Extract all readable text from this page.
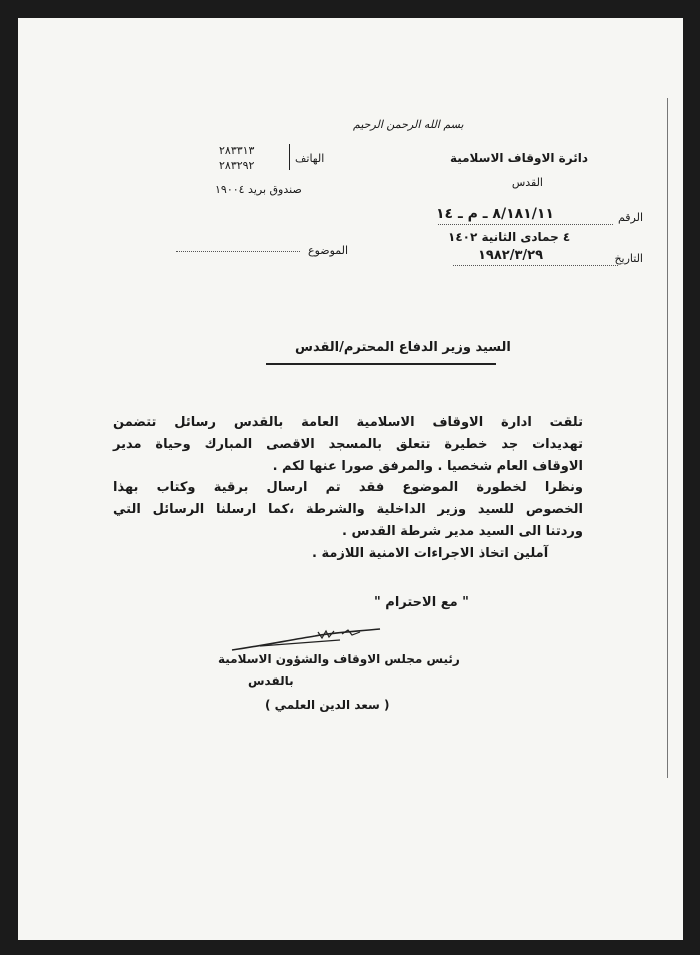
بسم الله الرحمن الرحيم
دائرة الاوقاف الاسلامية
القدس
الهاتف
٢٨٣٣١٣
٢٨٣٢٩٢
صندوق بريد ١٩٠٠٤
الرقم
٨/١٨١/١١ ـ م ـ ١٤
٤ جمادى الثانية ١٤٠٢
التاريخ
١٩٨٢/٣/٢٩
الموضوع
السيد وزير الدفاع المحترم/القدس
تلقت ادارة الاوقاف الاسلامية العامة بالقدس رسائل تتضمن
تهديدات جد خطيرة تتعلق بالمسجد الاقصى المبارك وحياة مدير
الاوقاف العام شخصيا . والمرفق صورا عنها لكم .
ونظرا لخطورة الموضوع فقد تم ارسال برقية وكتاب بهذا
الخصوص للسيد وزير الداخلية والشرطة ،كما ارسلنا الرسائل التي
وردتنا الى السيد مدير شرطة القدس .
آملين اتخاذ الاجراءات الامنية اللازمة .
" مع الاحترام "
رئيس مجلس الاوقاف والشؤون الاسلامية
بالقدس
( سعد الدين العلمي )
